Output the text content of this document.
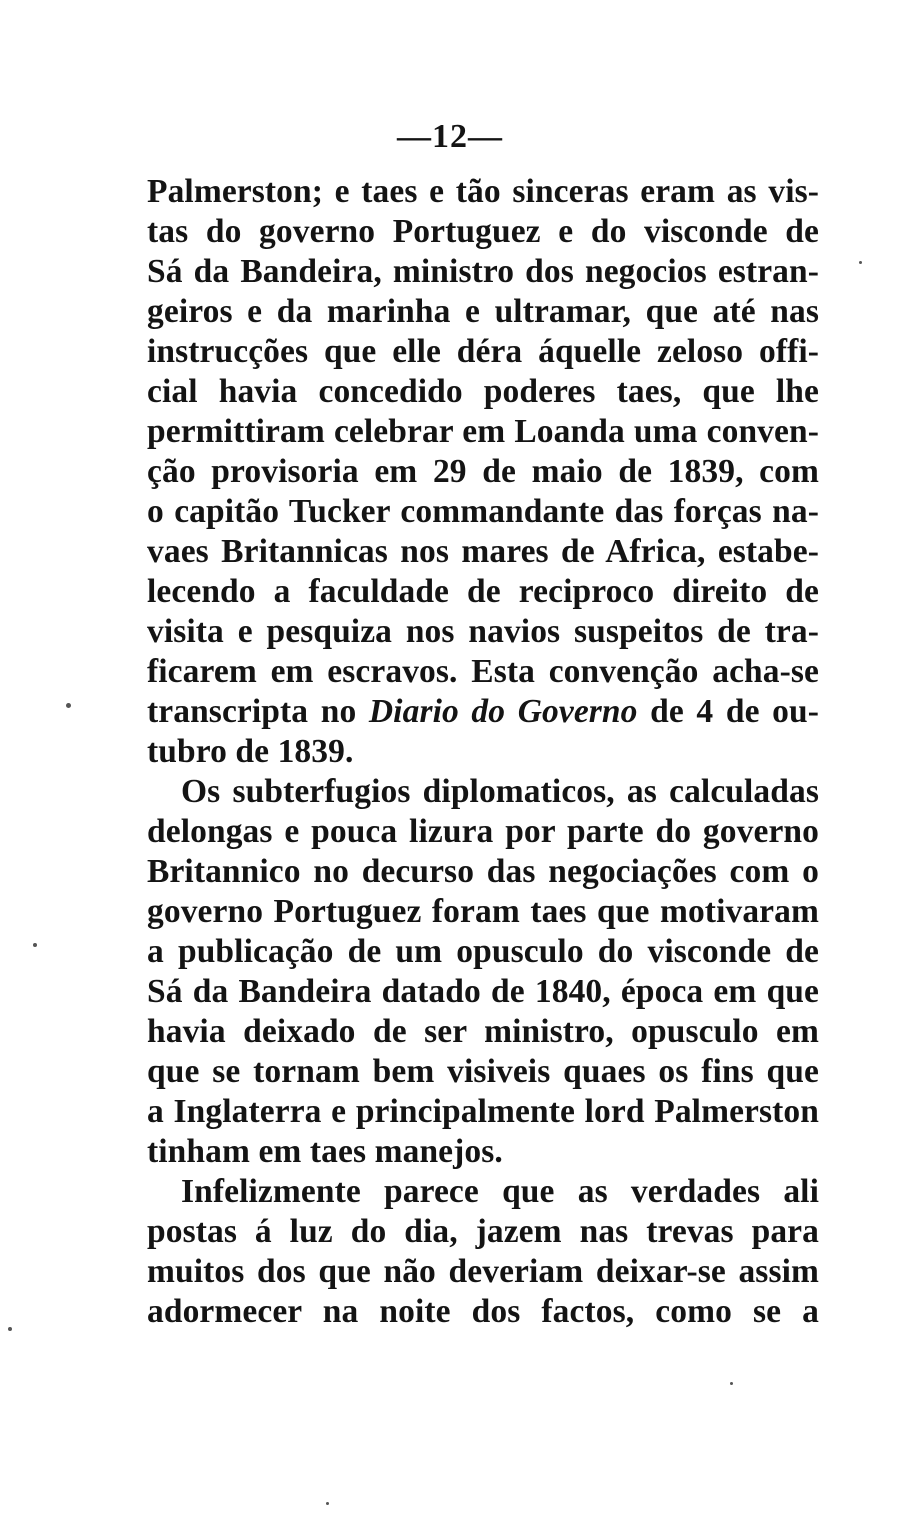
—12—
Palmerston; e taes e tão sinceras eram as vis-
tas do governo Portuguez e do visconde de
Sá da Bandeira, ministro dos negocios estran-
geiros e da marinha e ultramar, que até nas
instrucções que elle déra áquelle zeloso offi-
cial havia concedido poderes taes, que lhe
permittiram celebrar em Loanda uma conven-
ção provisoria em 29 de maio de 1839, com
o capitão Tucker commandante das forças na-
vaes Britannicas nos mares de Africa, estabe-
lecendo a faculdade de reciproco direito de
visita e pesquiza nos navios suspeitos de tra-
ficarem em escravos. Esta convenção acha-se
transcripta no Diario do Governo de 4 de ou-
tubro de 1839.
Os subterfugios diplomaticos, as calculadas
delongas e pouca lizura por parte do governo
Britannico no decurso das negociações com o
governo Portuguez foram taes que motivaram
a publicação de um opusculo do visconde de
Sá da Bandeira datado de 1840, época em que
havia deixado de ser ministro, opusculo em
que se tornam bem visiveis quaes os fins que
a Inglaterra e principalmente lord Palmerston
tinham em taes manejos.
Infelizmente parece que as verdades ali
postas á luz do dia, jazem nas trevas para
muitos dos que não deveriam deixar-se assim
adormecer na noite dos factos, como se a
